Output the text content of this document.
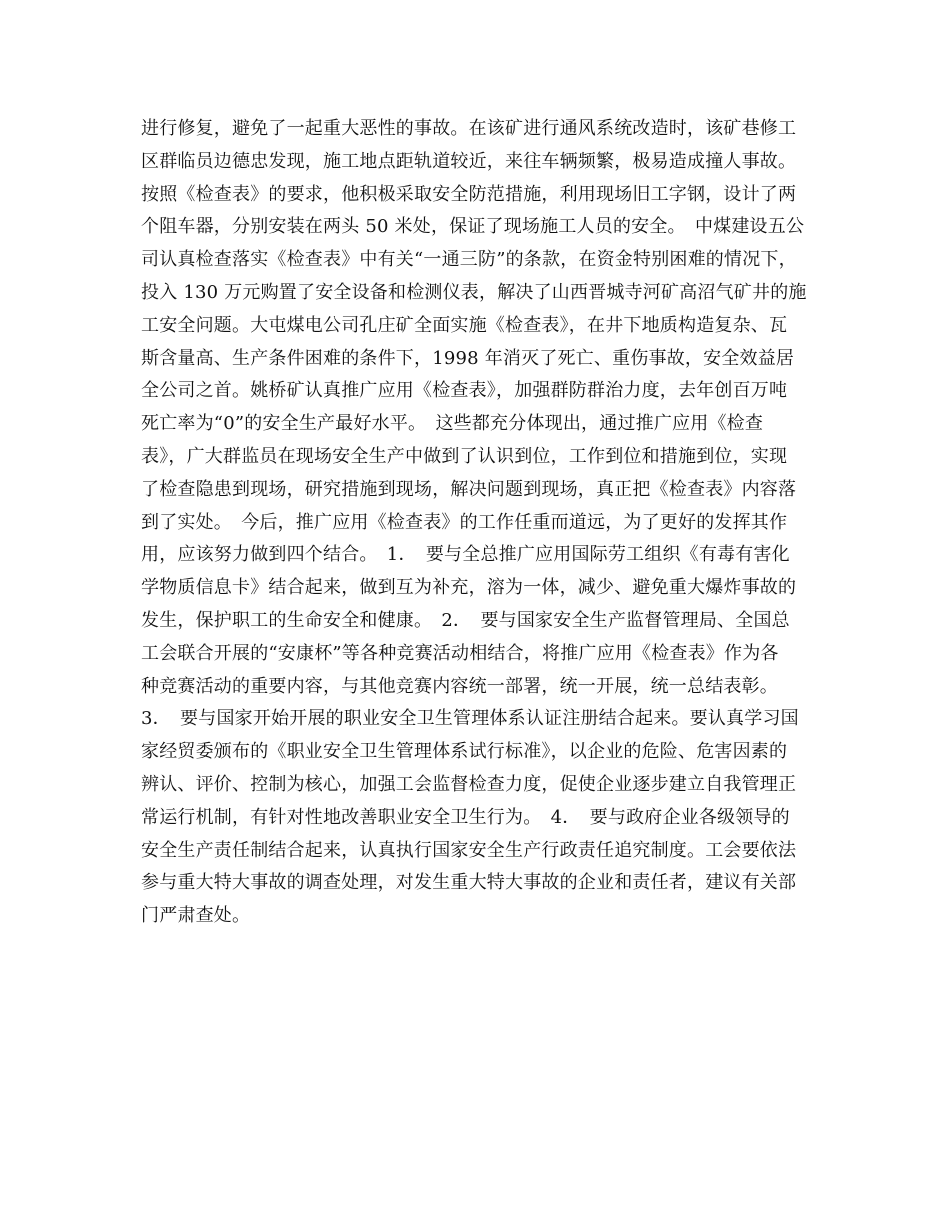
进行修复，避免了一起重大恶性的事故。在该矿进行通风系统改造时，该矿巷修工
区群临员边德忠发现，施工地点距轨道较近，来往车辆频繁，极易造成撞人事故。
按照《检查表》的要求，他积极采取安全防范措施，利用现场旧工字钢，设计了两
个阻车器，分别安装在两头 50 米处，保证了现场施工人员的安全。　中煤建设五公
司认真检查落实《检查表》中有关“一通三防”的条款，在资金特别困难的情况下，
投入 130 万元购置了安全设备和检测仪表，解决了山西晋城寺河矿高沼气矿井的施
工安全问题。大屯煤电公司孔庄矿全面实施《检查表》，在井下地质构造复杂、瓦
斯含量高、生产条件困难的条件下，1998 年消灭了死亡、重伤事故，安全效益居
全公司之首。姚桥矿认真推广应用《检查表》，加强群防群治力度，去年创百万吨
死亡率为“0”的安全生产最好水平。　这些都充分体现出，通过推广应用《检查
表》，广大群监员在现场安全生产中做到了认识到位，工作到位和措施到位，实现
了检查隐患到现场，研究措施到现场，解决问题到现场，真正把《检查表》内容落
到了实处。　今后，推广应用《检查表》的工作任重而道远，为了更好的发挥其作
用，应该努力做到四个结合。　1．　要与全总推广应用国际劳工组织《有毒有害化
学物质信息卡》结合起来，做到互为补充，溶为一体，减少、避免重大爆炸事故的
发生，保护职工的生命安全和健康。　2．　要与国家安全生产监督管理局、全国总
工会联合开展的“安康杯”等各种竞赛活动相结合，将推广应用《检查表》作为各
种竞赛活动的重要内容，与其他竞赛内容统一部署，统一开展，统一总结表彰。
3．　要与国家开始开展的职业安全卫生管理体系认证注册结合起来。要认真学习国
家经贸委颁布的《职业安全卫生管理体系试行标准》，以企业的危险、危害因素的
辨认、评价、控制为核心，加强工会监督检查力度，促使企业逐步建立自我管理正
常运行机制，有针对性地改善职业安全卫生行为。　4．　要与政府企业各级领导的
安全生产责任制结合起来，认真执行国家安全生产行政责任追究制度。工会要依法
参与重大特大事故的调查处理，对发生重大特大事故的企业和责任者，建议有关部
门严肃查处。
